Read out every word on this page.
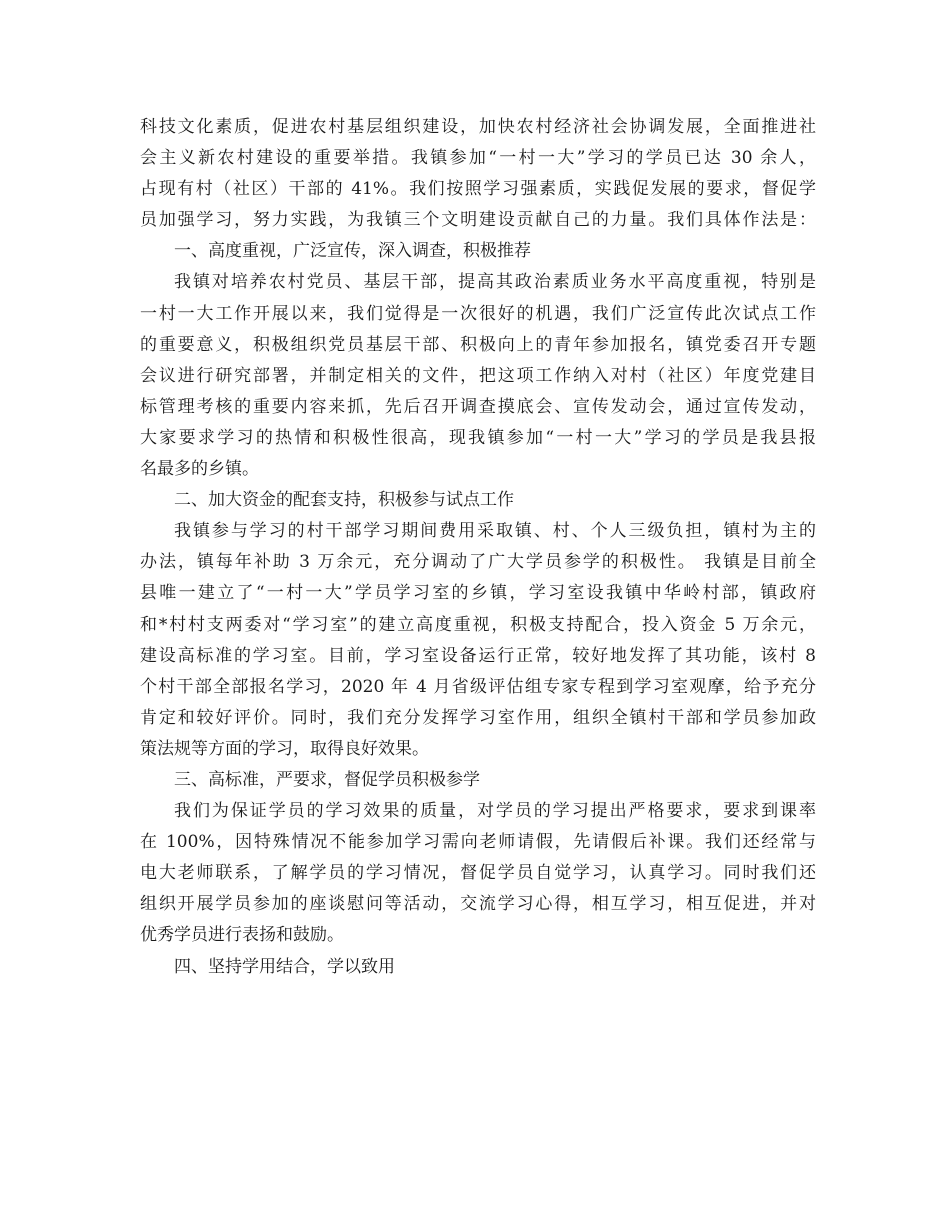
科技文化素质，促进农村基层组织建设，加快农村经济社会协调发展，全面推进社
会主义新农村建设的重要举措。我镇参加“一村一大”学习的学员已达 30 余人，
占现有村（社区）干部的 41%。我们按照学习强素质，实践促发展的要求，督促学
员加强学习，努力实践，为我镇三个文明建设贡献自己的力量。我们具体作法是：
一、高度重视，广泛宣传，深入调查，积极推荐
我镇对培养农村党员、基层干部，提高其政治素质业务水平高度重视，特别是
一村一大工作开展以来，我们觉得是一次很好的机遇，我们广泛宣传此次试点工作
的重要意义，积极组织党员基层干部、积极向上的青年参加报名，镇党委召开专题
会议进行研究部署，并制定相关的文件，把这项工作纳入对村（社区）年度党建目
标管理考核的重要内容来抓，先后召开调查摸底会、宣传发动会，通过宣传发动，
大家要求学习的热情和积极性很高，现我镇参加“一村一大”学习的学员是我县报
名最多的乡镇。
二、加大资金的配套支持，积极参与试点工作
我镇参与学习的村干部学习期间费用采取镇、村、个人三级负担，镇村为主的
办法，镇每年补助 3 万余元，充分调动了广大学员参学的积极性。 我镇是目前全
县唯一建立了“一村一大”学员学习室的乡镇，学习室设我镇中华岭村部，镇政府
和*村村支两委对“学习室”的建立高度重视，积极支持配合，投入资金 5 万余元，
建设高标准的学习室。目前，学习室设备运行正常，较好地发挥了其功能，该村 8
个村干部全部报名学习，2020 年 4 月省级评估组专家专程到学习室观摩，给予充分
肯定和较好评价。同时，我们充分发挥学习室作用，组织全镇村干部和学员参加政
策法规等方面的学习，取得良好效果。
三、高标准，严要求，督促学员积极参学
我们为保证学员的学习效果的质量，对学员的学习提出严格要求，要求到课率
在 100%，因特殊情况不能参加学习需向老师请假，先请假后补课。我们还经常与
电大老师联系，了解学员的学习情况，督促学员自觉学习，认真学习。同时我们还
组织开展学员参加的座谈慰问等活动，交流学习心得，相互学习，相互促进，并对
优秀学员进行表扬和鼓励。
四、坚持学用结合，学以致用
